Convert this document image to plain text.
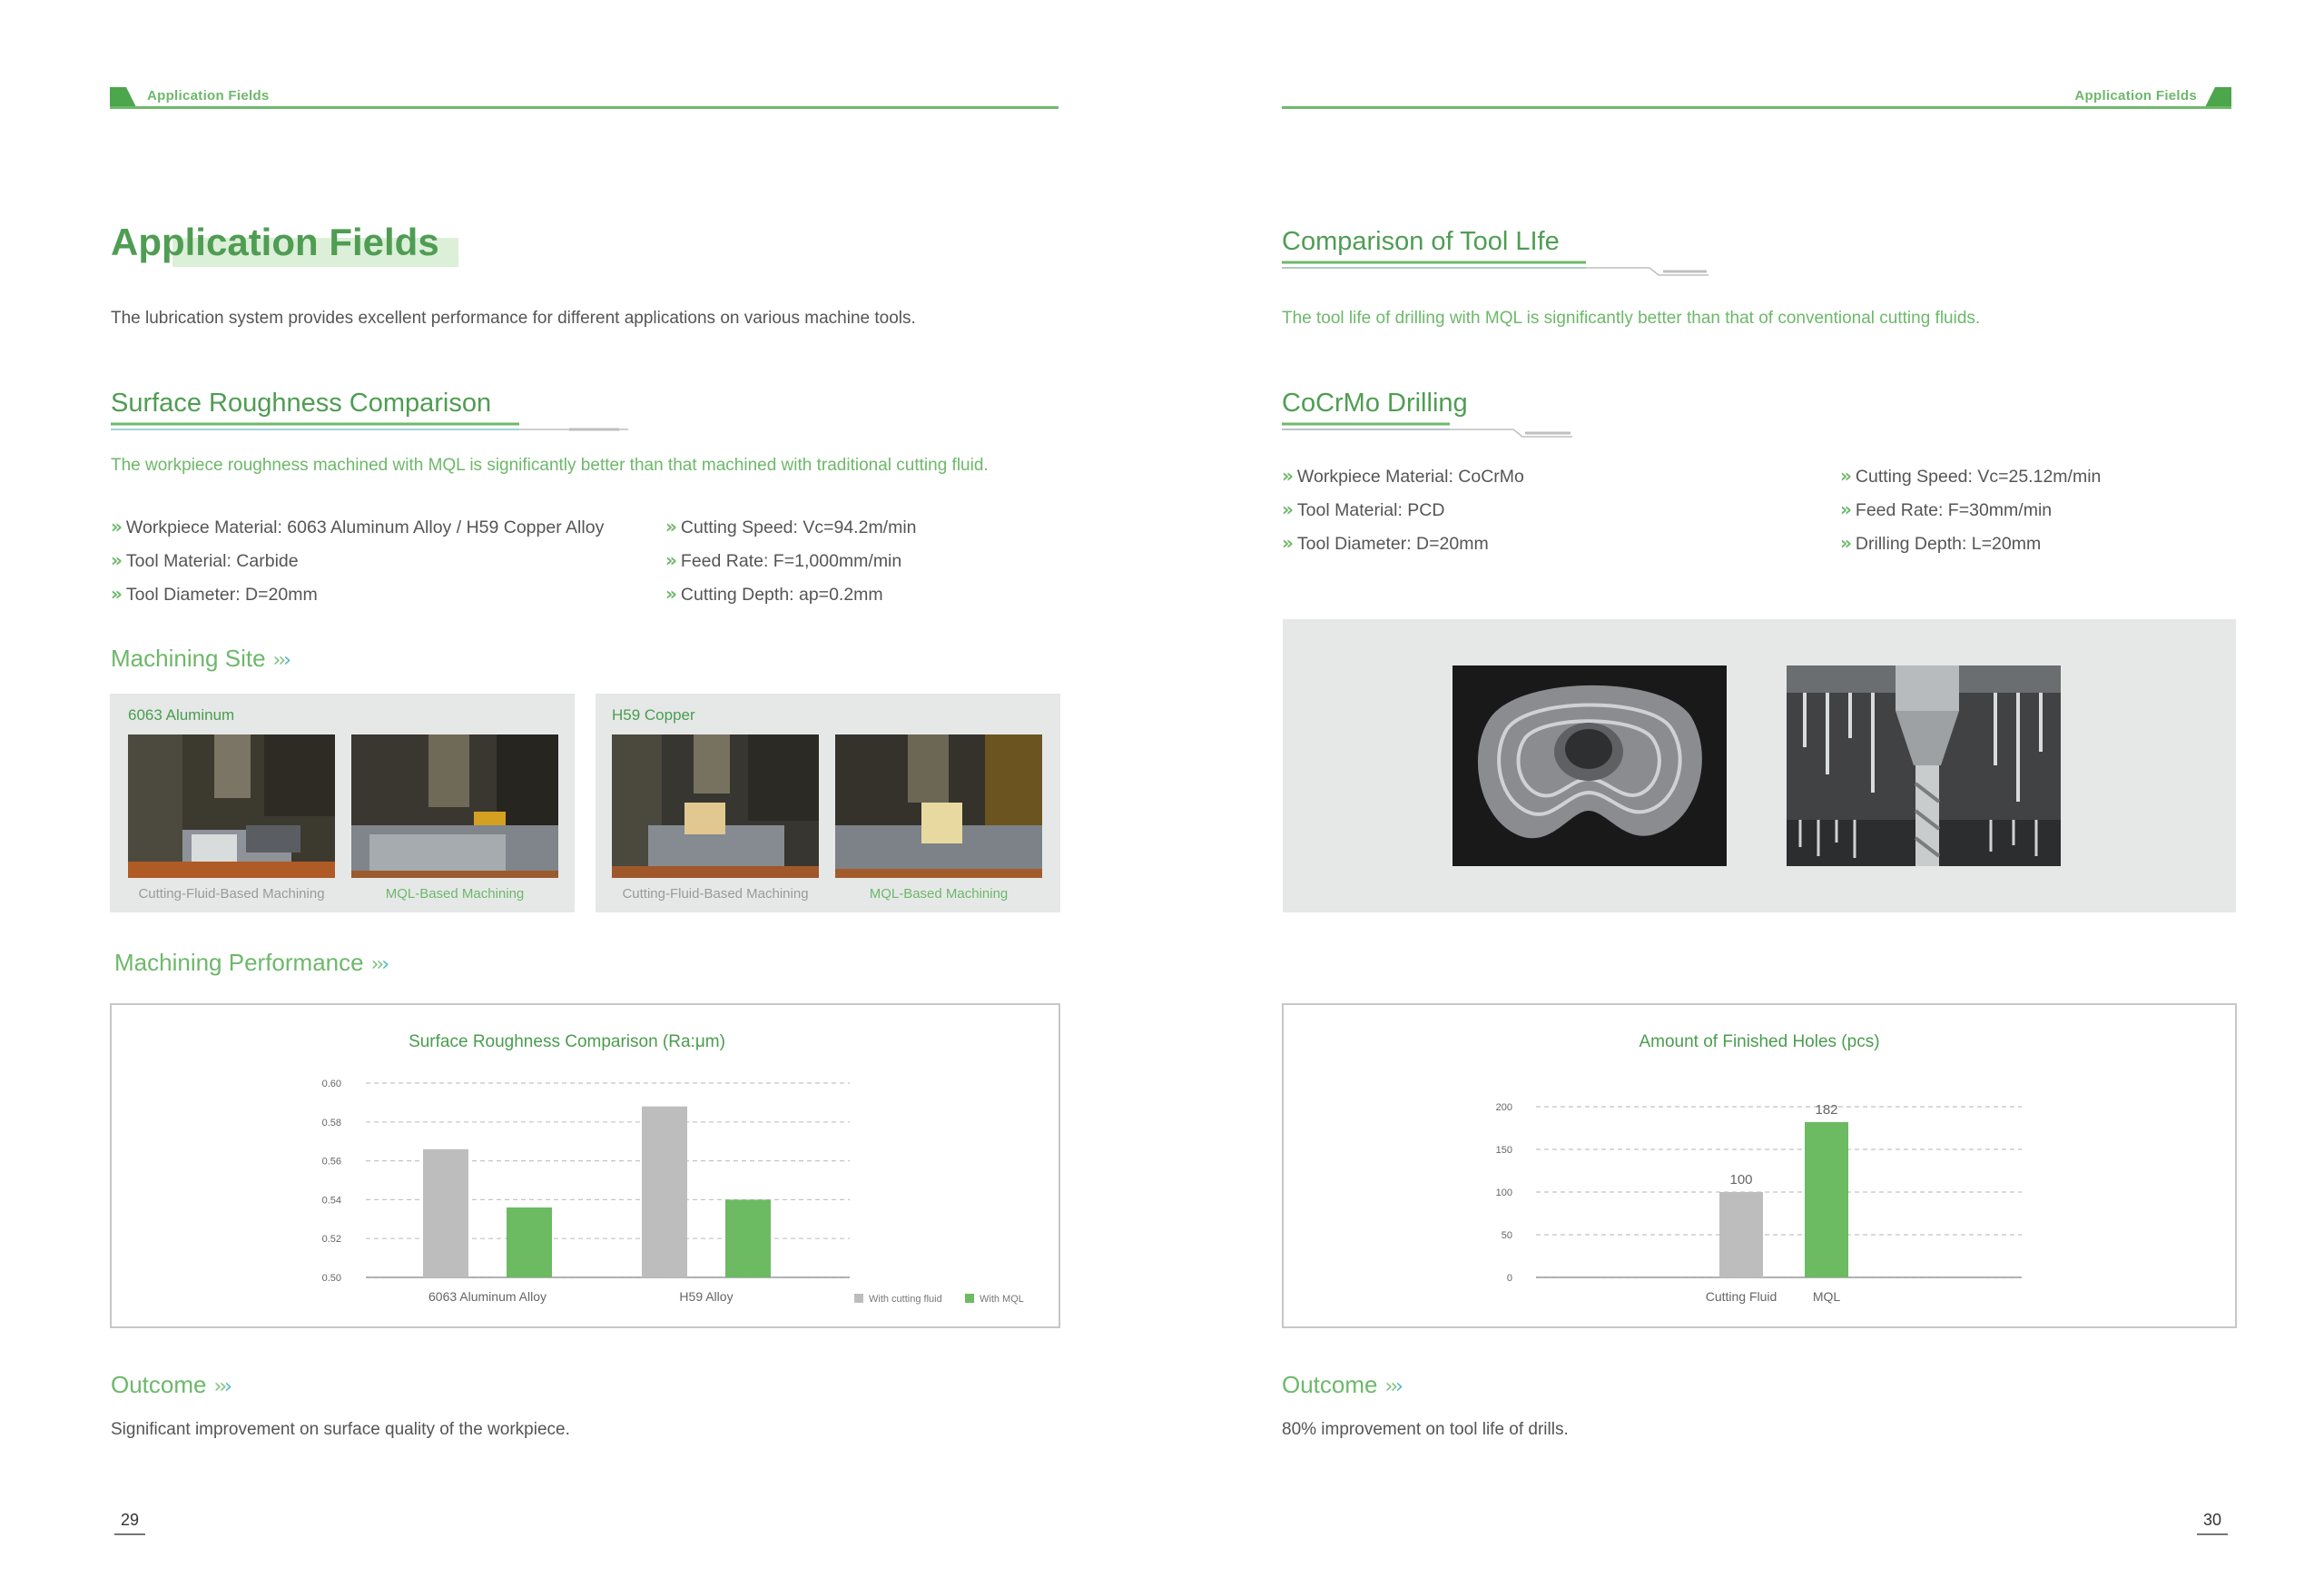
Application Fields	Application Fields
Application Fields
The lubrication system provides excellent performance for different applications on various machine tools.
Surface Roughness Comparison
The workpiece roughness machined with MQL is significantly better than that machined with traditional cutting fluid.
» Workpiece Material: 6063 Aluminum Alloy / H59 Copper Alloy
» Tool Material: Carbide
» Tool Diameter: D=20mm
» Cutting Speed: Vc=94.2m/min
» Feed Rate: F=1,000mm/min
» Cutting Depth: ap=0.2mm
Machining Site ›››
6063 Aluminum
Cutting-Fluid-Based Machining	MQL-Based Machining
H59 Copper
Cutting-Fluid-Based Machining	MQL-Based Machining
Machining Performance ›››
Surface Roughness Comparison (Ra:μm)
0.60
0.58
0.56
0.54
0.52
0.50
6063 Aluminum Alloy	H59 Alloy	With cutting fluid	With MQL
Outcome ›››
Significant improvement on surface quality of the workpiece.
29
Comparison of Tool LIfe
The tool life of drilling with MQL is significantly better than that of conventional cutting fluids.
CoCrMo Drilling
» Workpiece Material: CoCrMo
» Tool Material: PCD
» Tool Diameter: D=20mm
» Cutting Speed: Vc=25.12m/min
» Feed Rate: F=30mm/min
» Drilling Depth: L=20mm
Amount of Finished Holes (pcs)
200
150
100
50
0
100
Cutting Fluid
182
MQL
Outcome ›››
80% improvement on tool life of drills.
30
